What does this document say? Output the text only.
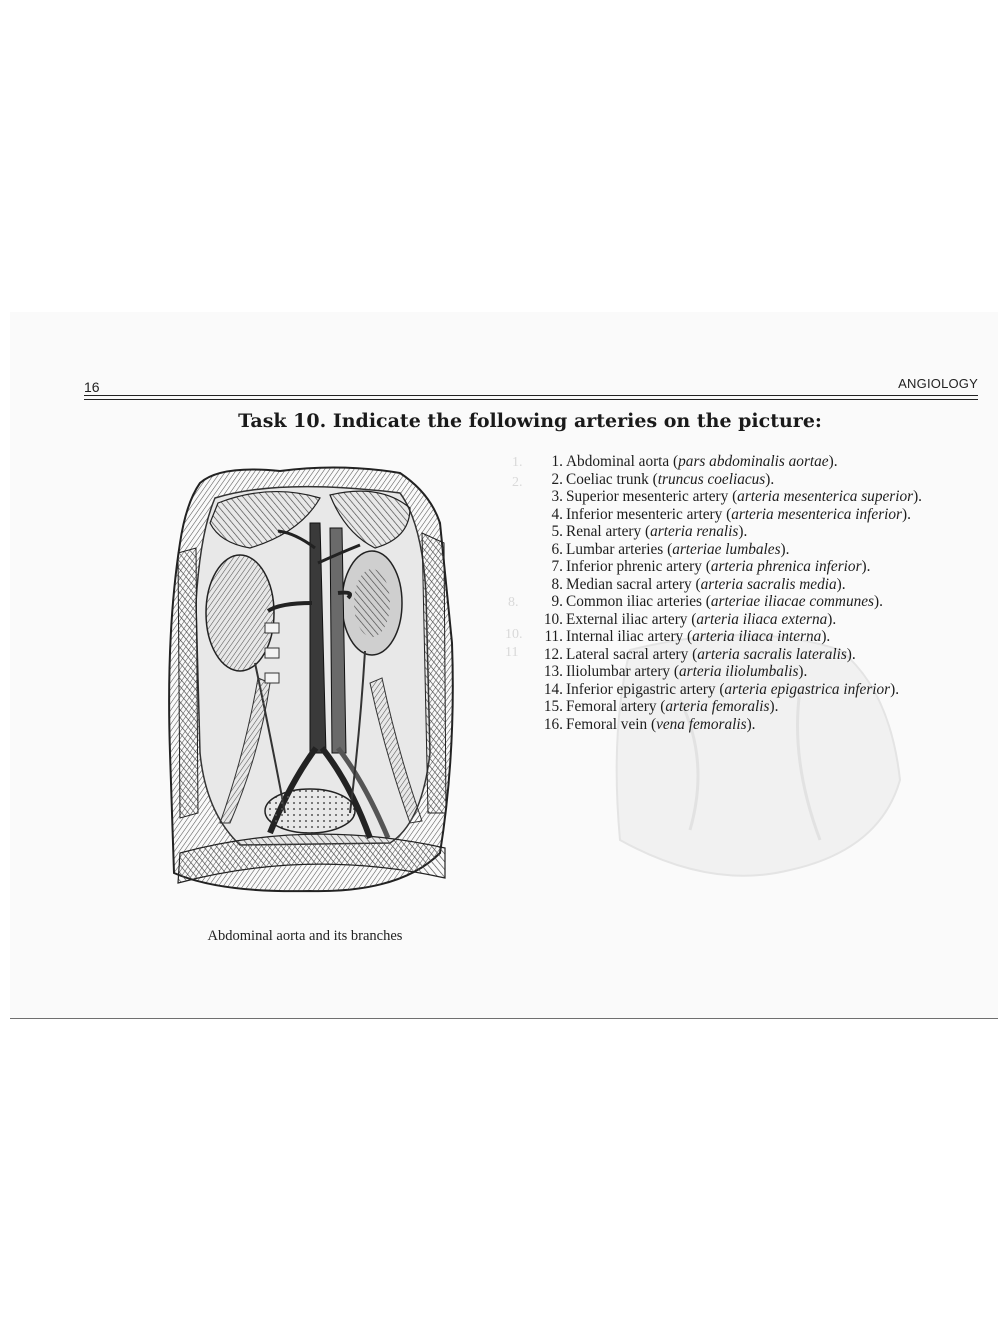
1.
2.
8.
10.
11
16	ANGIOLOGY
Task 10. Indicate the following arteries on the picture:
Abdominal aorta and its branches
1. Abdominal aorta (pars abdominalis aortae).
2. Coeliac trunk (truncus coeliacus).
3. Superior mesenteric artery (arteria mesenterica superior).
4. Inferior mesenteric artery (arteria mesenterica inferior).
5. Renal artery (arteria renalis).
6. Lumbar arteries (arteriae lumbales).
7. Inferior phrenic artery (arteria phrenica inferior).
8. Median sacral artery (arteria sacralis media).
9. Common iliac arteries (arteriae iliacae communes).
10. External iliac artery (arteria iliaca externa).
11. Internal iliac artery (arteria iliaca interna).
12. Lateral sacral artery (arteria sacralis lateralis).
13. Iliolumbar artery (arteria iliolumbalis).
14. Inferior epigastric artery (arteria epigastrica inferior).
15. Femoral artery (arteria femoralis).
16. Femoral vein (vena femoralis).
